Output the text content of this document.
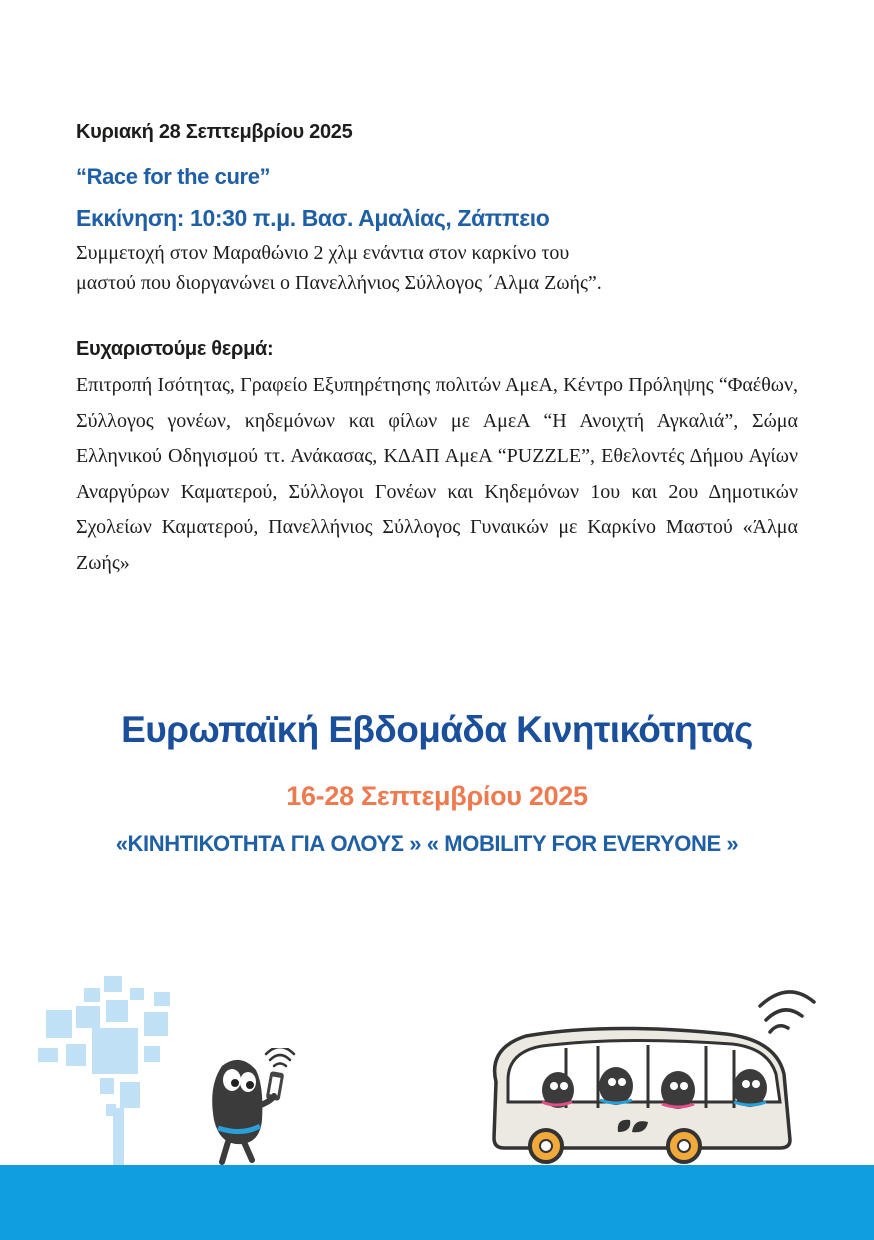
Κυριακή 28 Σεπτεμβρίου 2025
“Race for the cure”
Εκκίνηση: 10:30 π.μ. Βασ. Αμαλίας, Ζάππειο
Συμμετοχή στον Μαραθώνιο 2 χλμ ενάντια στον καρκίνο του
μαστού που διοργανώνει ο Πανελλήνιος Σύλλογος ΄Αλμα Ζωής”.
Ευχαριστούμε θερμά:
Επιτροπή Ισότητας, Γραφείο Εξυπηρέτησης πολιτών ΑμεΑ, Κέντρο Πρόληψης “Φαέθων, Σύλλογος γονέων, κηδεμόνων και φίλων με ΑμεΑ “Η Ανοιχτή Αγκαλιά”, Σώμα Ελληνικού Οδηγισμού ττ. Ανάκασας, ΚΔΑΠ ΑμεΑ “PUZZLE”, Εθελοντές Δήμου Αγίων Αναργύρων Καματερού, Σύλλογοι Γονέων και Κηδεμόνων 1ου και 2ου Δημοτικών Σχολείων Καματερού, Πανελλήνιος Σύλλογος Γυναικών με Καρκίνο Μαστού «Άλμα Ζωής»
Ευρωπαϊκή Εβδομάδα Κινητικότητας
16-28 Σεπτεμβρίου 2025
«ΚΙΝΗΤΙΚΟΤΗΤΑ ΓΙΑ ΟΛΟΥΣ » « MOBILITY FOR EVERYONE »
